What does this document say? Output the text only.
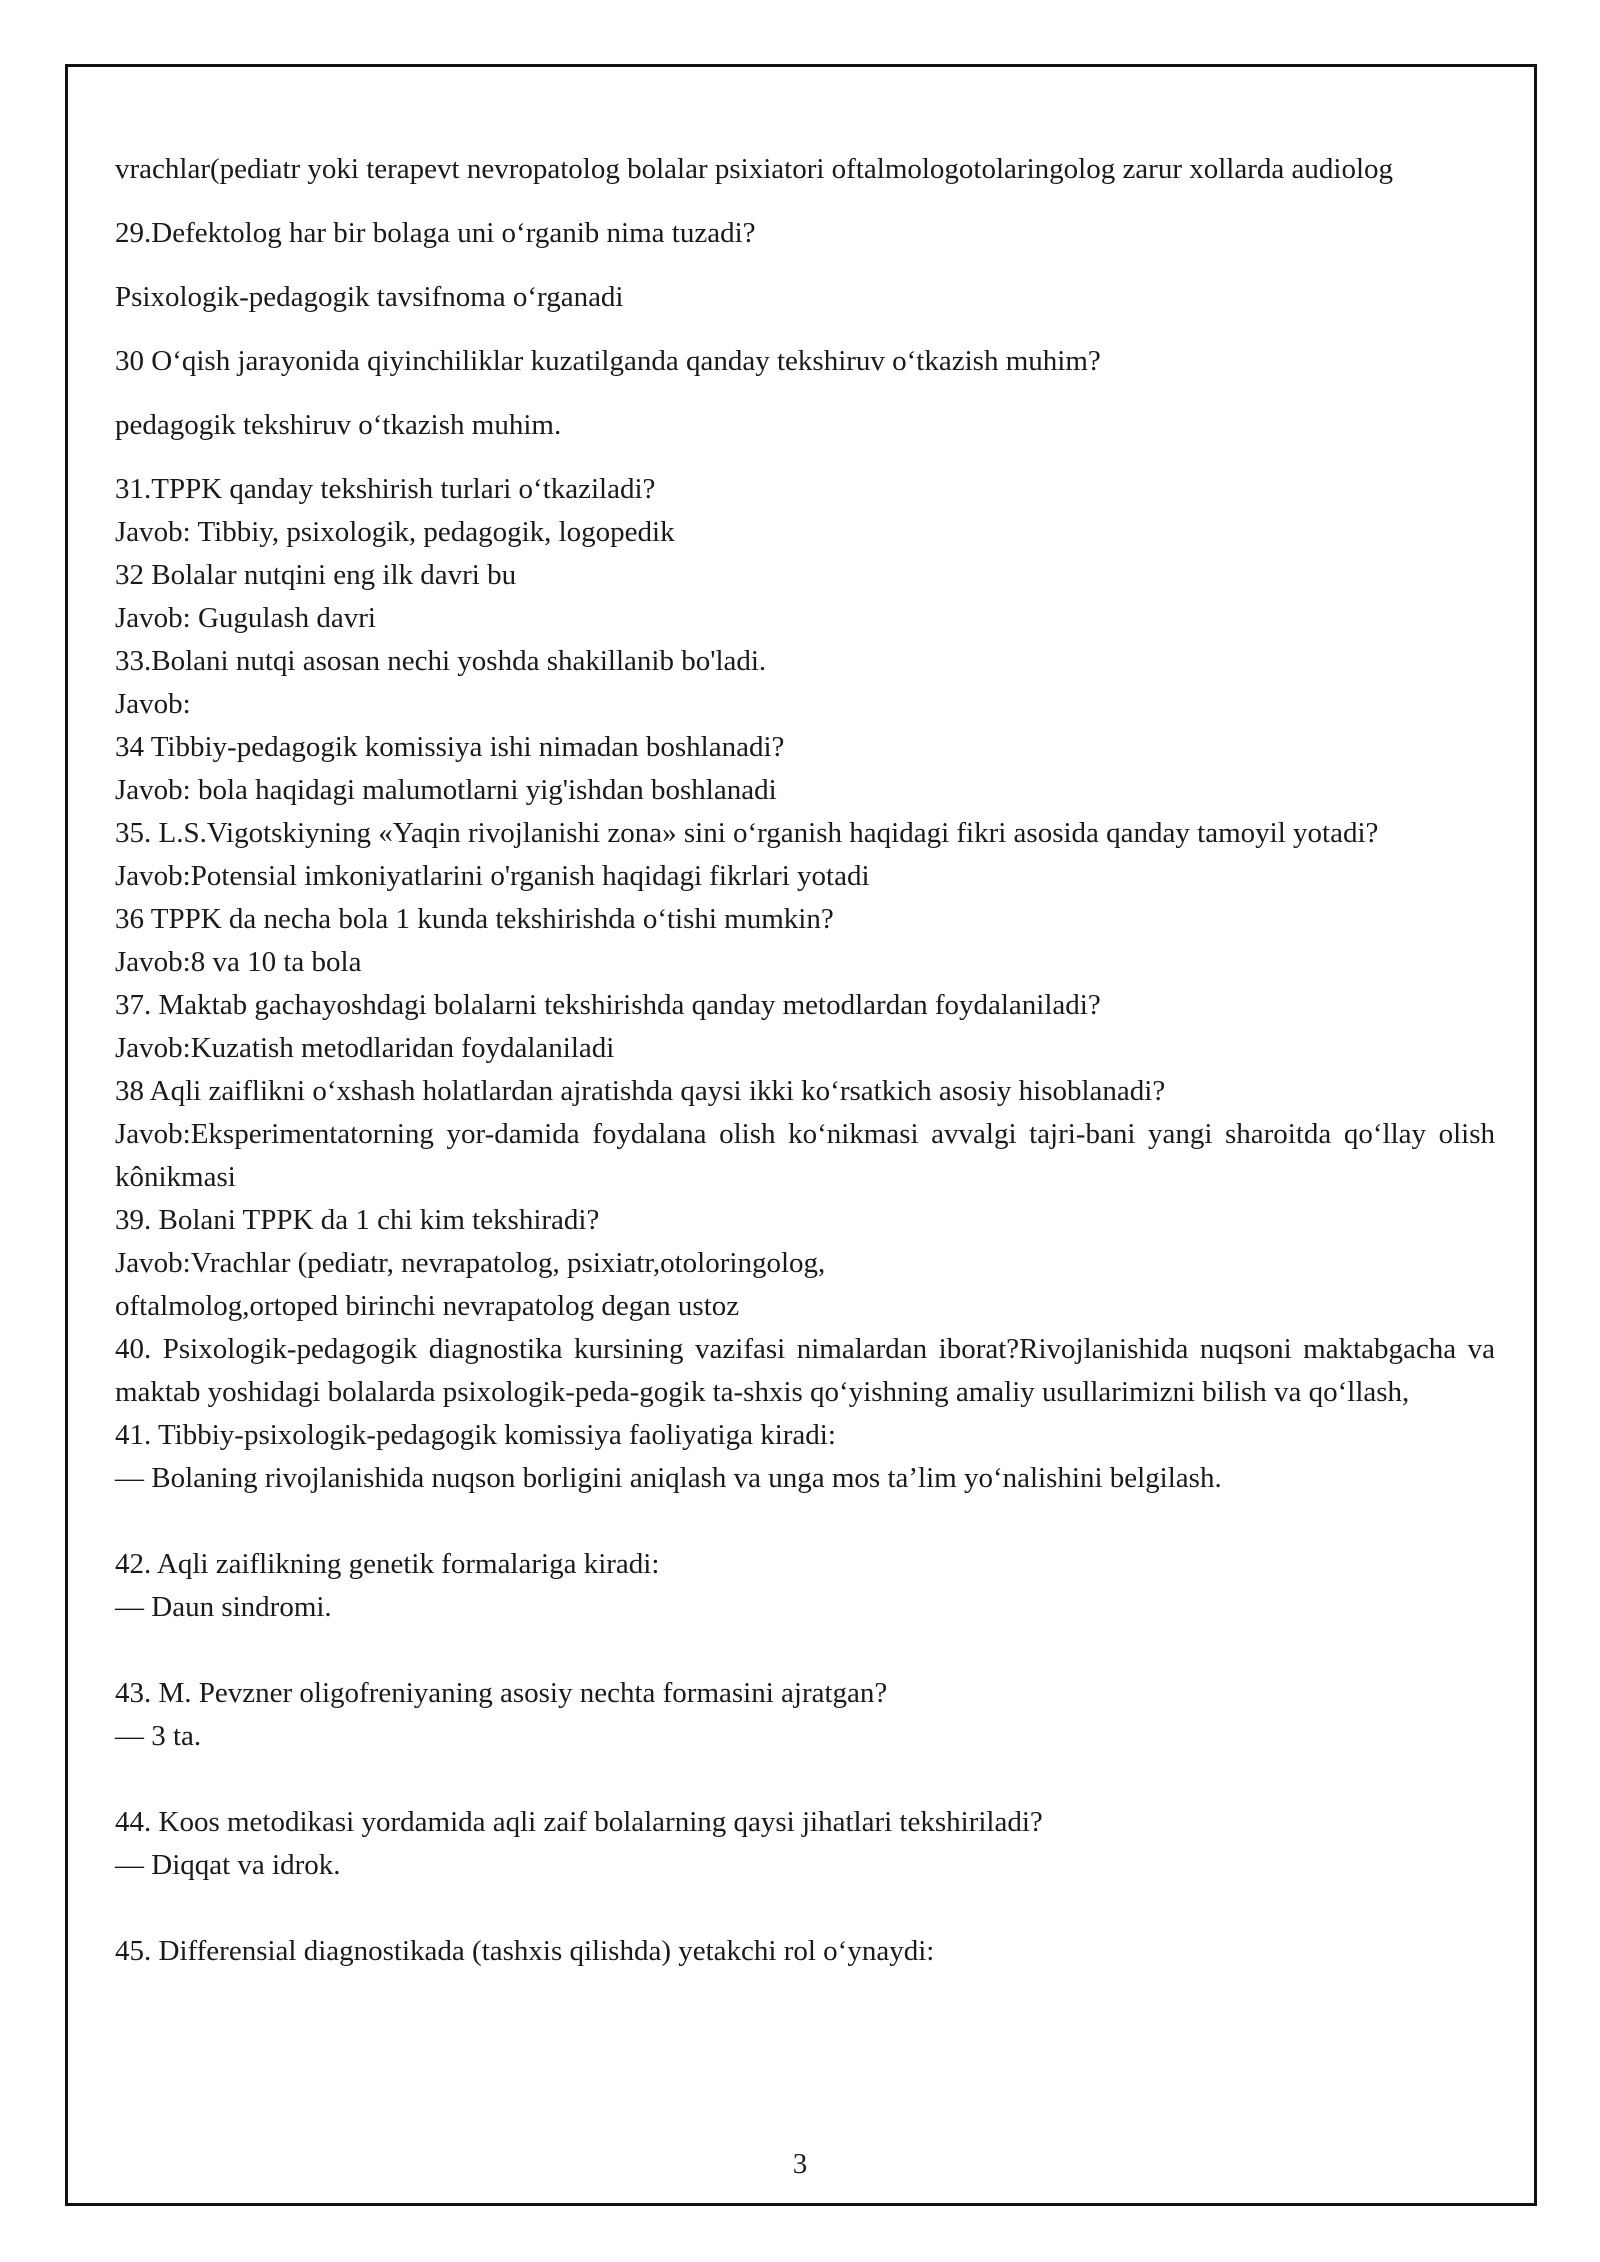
vrachlar(pediatr yoki terapevt nevropatolog bolalar psixiatori oftalmologotolaringolog zarur xollarda audiolog

29.Defektolog har bir bolaga uni o‘rganib nima tuzadi?

Psixologik-pedagogik tavsifnoma o‘rganadi

30 O‘qish jarayonida qiyinchiliklar kuzatilganda qanday tekshiruv o‘tkazish muhim?

pedagogik tekshiruv o‘tkazish muhim.

31.TPPK qanday tekshirish turlari o‘tkaziladi?

Javob: Tibbiy, psixologik, pedagogik, logopedik

32 Bolalar nutqini eng ilk davri bu

Javob: Gugulash davri

33.Bolani nutqi asosan nechi yoshda shakillanib bo'ladi.

Javob:

34 Tibbiy-pedagogik komissiya ishi nimadan boshlanadi?

Javob: bola haqidagi malumotlarni yig'ishdan boshlanadi

35. L.S.Vigotskiyning «Yaqin rivojlanishi zona» sini o‘rganish haqidagi fikri asosida qanday tamoyil yotadi?

Javob:Potensial imkoniyatlarini o'rganish haqidagi fikrlari yotadi

36 TPPK da necha bola 1 kunda tekshirishda o‘tishi mumkin?

Javob:8 va 10 ta bola

37. Maktab gachayoshdagi bolalarni tekshirishda qanday metodlardan foydalaniladi?

Javob:Kuzatish metodlaridan foydalaniladi

38 Aqli zaiflikni o‘xshash holatlardan ajratishda qaysi ikki ko‘rsatkich asosiy hisoblanadi?

Javob:Eksperimentatorning yor-damida foydalana olish ko‘nikmasi avvalgi tajri-bani yangi sharoitda qo‘llay olish kônikmasi

39. Bolani TPPK da 1 chi kim tekshiradi?

Javob:Vrachlar (pediatr, nevrapatolog, psixiatr,otoloringolog,

oftalmolog,ortoped birinchi nevrapatolog degan ustoz

40. Psixologik-pedagogik diagnostika kursining vazifasi nimalardan iborat?Rivojlanishida nuqsoni maktabgacha va maktab yoshidagi bolalarda psixologik-peda-gogik ta-shxis qo‘yishning amaliy usullarimizni bilish va qo‘llash,

41. Tibbiy-psixologik-pedagogik komissiya faoliyatiga kiradi:

— Bolaning rivojlanishida nuqson borligini aniqlash va unga mos ta’lim yo‘nalishini belgilash.

42. Aqli zaiflikning genetik formalariga kiradi:

— Daun sindromi.

43. M. Pevzner oligofreniyaning asosiy nechta formasini ajratgan?

— 3 ta.

44. Koos metodikasi yordamida aqli zaif bolalarning qaysi jihatlari tekshiriladi?

— Diqqat va idrok.

45. Differensial diagnostikada (tashxis qilishda) yetakchi rol o‘ynaydi:

3
